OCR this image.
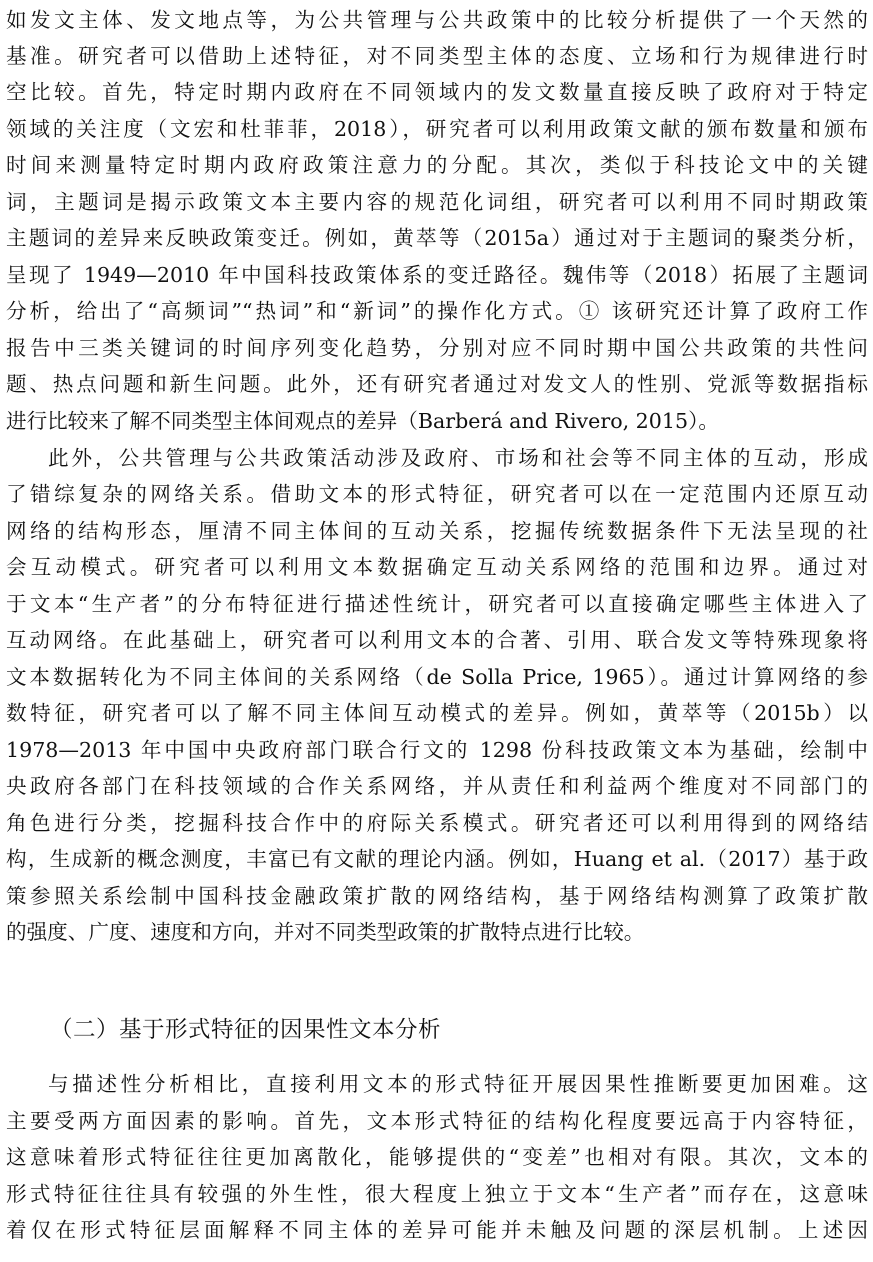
如发文主体、发文地点等，为公共管理与公共政策中的比较分析提供了一个天然的
基准。研究者可以借助上述特征，对不同类型主体的态度、立场和行为规律进行时
空比较。首先，特定时期内政府在不同领域内的发文数量直接反映了政府对于特定
领域的关注度（文宏和杜菲菲，2018），研究者可以利用政策文献的颁布数量和颁布
时间来测量特定时期内政府政策注意力的分配。其次，类似于科技论文中的关键
词，主题词是揭示政策文本主要内容的规范化词组，研究者可以利用不同时期政策
主题词的差异来反映政策变迁。例如，黄萃等（2015a）通过对于主题词的聚类分析，
呈现了 1949—2010 年中国科技政策体系的变迁路径。魏伟等（2018）拓展了主题词
分析，给出了“高频词”“热词”和“新词”的操作化方式。① 该研究还计算了政府工作
报告中三类关键词的时间序列变化趋势，分别对应不同时期中国公共政策的共性问
题、热点问题和新生问题。此外，还有研究者通过对发文人的性别、党派等数据指标
进行比较来了解不同类型主体间观点的差异（Barberá and Rivero, 2015）。
此外，公共管理与公共政策活动涉及政府、市场和社会等不同主体的互动，形成
了错综复杂的网络关系。借助文本的形式特征，研究者可以在一定范围内还原互动
网络的结构形态，厘清不同主体间的互动关系，挖掘传统数据条件下无法呈现的社
会互动模式。研究者可以利用文本数据确定互动关系网络的范围和边界。通过对
于文本“生产者”的分布特征进行描述性统计，研究者可以直接确定哪些主体进入了
互动网络。在此基础上，研究者可以利用文本的合著、引用、联合发文等特殊现象将
文本数据转化为不同主体间的关系网络（de Solla Price, 1965）。通过计算网络的参
数特征，研究者可以了解不同主体间互动模式的差异。例如，黄萃等（2015b）以
1978—2013 年中国中央政府部门联合行文的 1298 份科技政策文本为基础，绘制中
央政府各部门在科技领域的合作关系网络，并从责任和利益两个维度对不同部门的
角色进行分类，挖掘科技合作中的府际关系模式。研究者还可以利用得到的网络结
构，生成新的概念测度，丰富已有文献的理论内涵。例如，Huang et al.（2017）基于政
策参照关系绘制中国科技金融政策扩散的网络结构，基于网络结构测算了政策扩散
的强度、广度、速度和方向，并对不同类型政策的扩散特点进行比较。
（二）基于形式特征的因果性文本分析
与描述性分析相比，直接利用文本的形式特征开展因果性推断要更加困难。这
主要受两方面因素的影响。首先，文本形式特征的结构化程度要远高于内容特征，
这意味着形式特征往往更加离散化，能够提供的“变差”也相对有限。其次，文本的
形式特征往往具有较强的外生性，很大程度上独立于文本“生产者”而存在，这意味
着仅在形式特征层面解释不同主体的差异可能并未触及问题的深层机制。上述因
